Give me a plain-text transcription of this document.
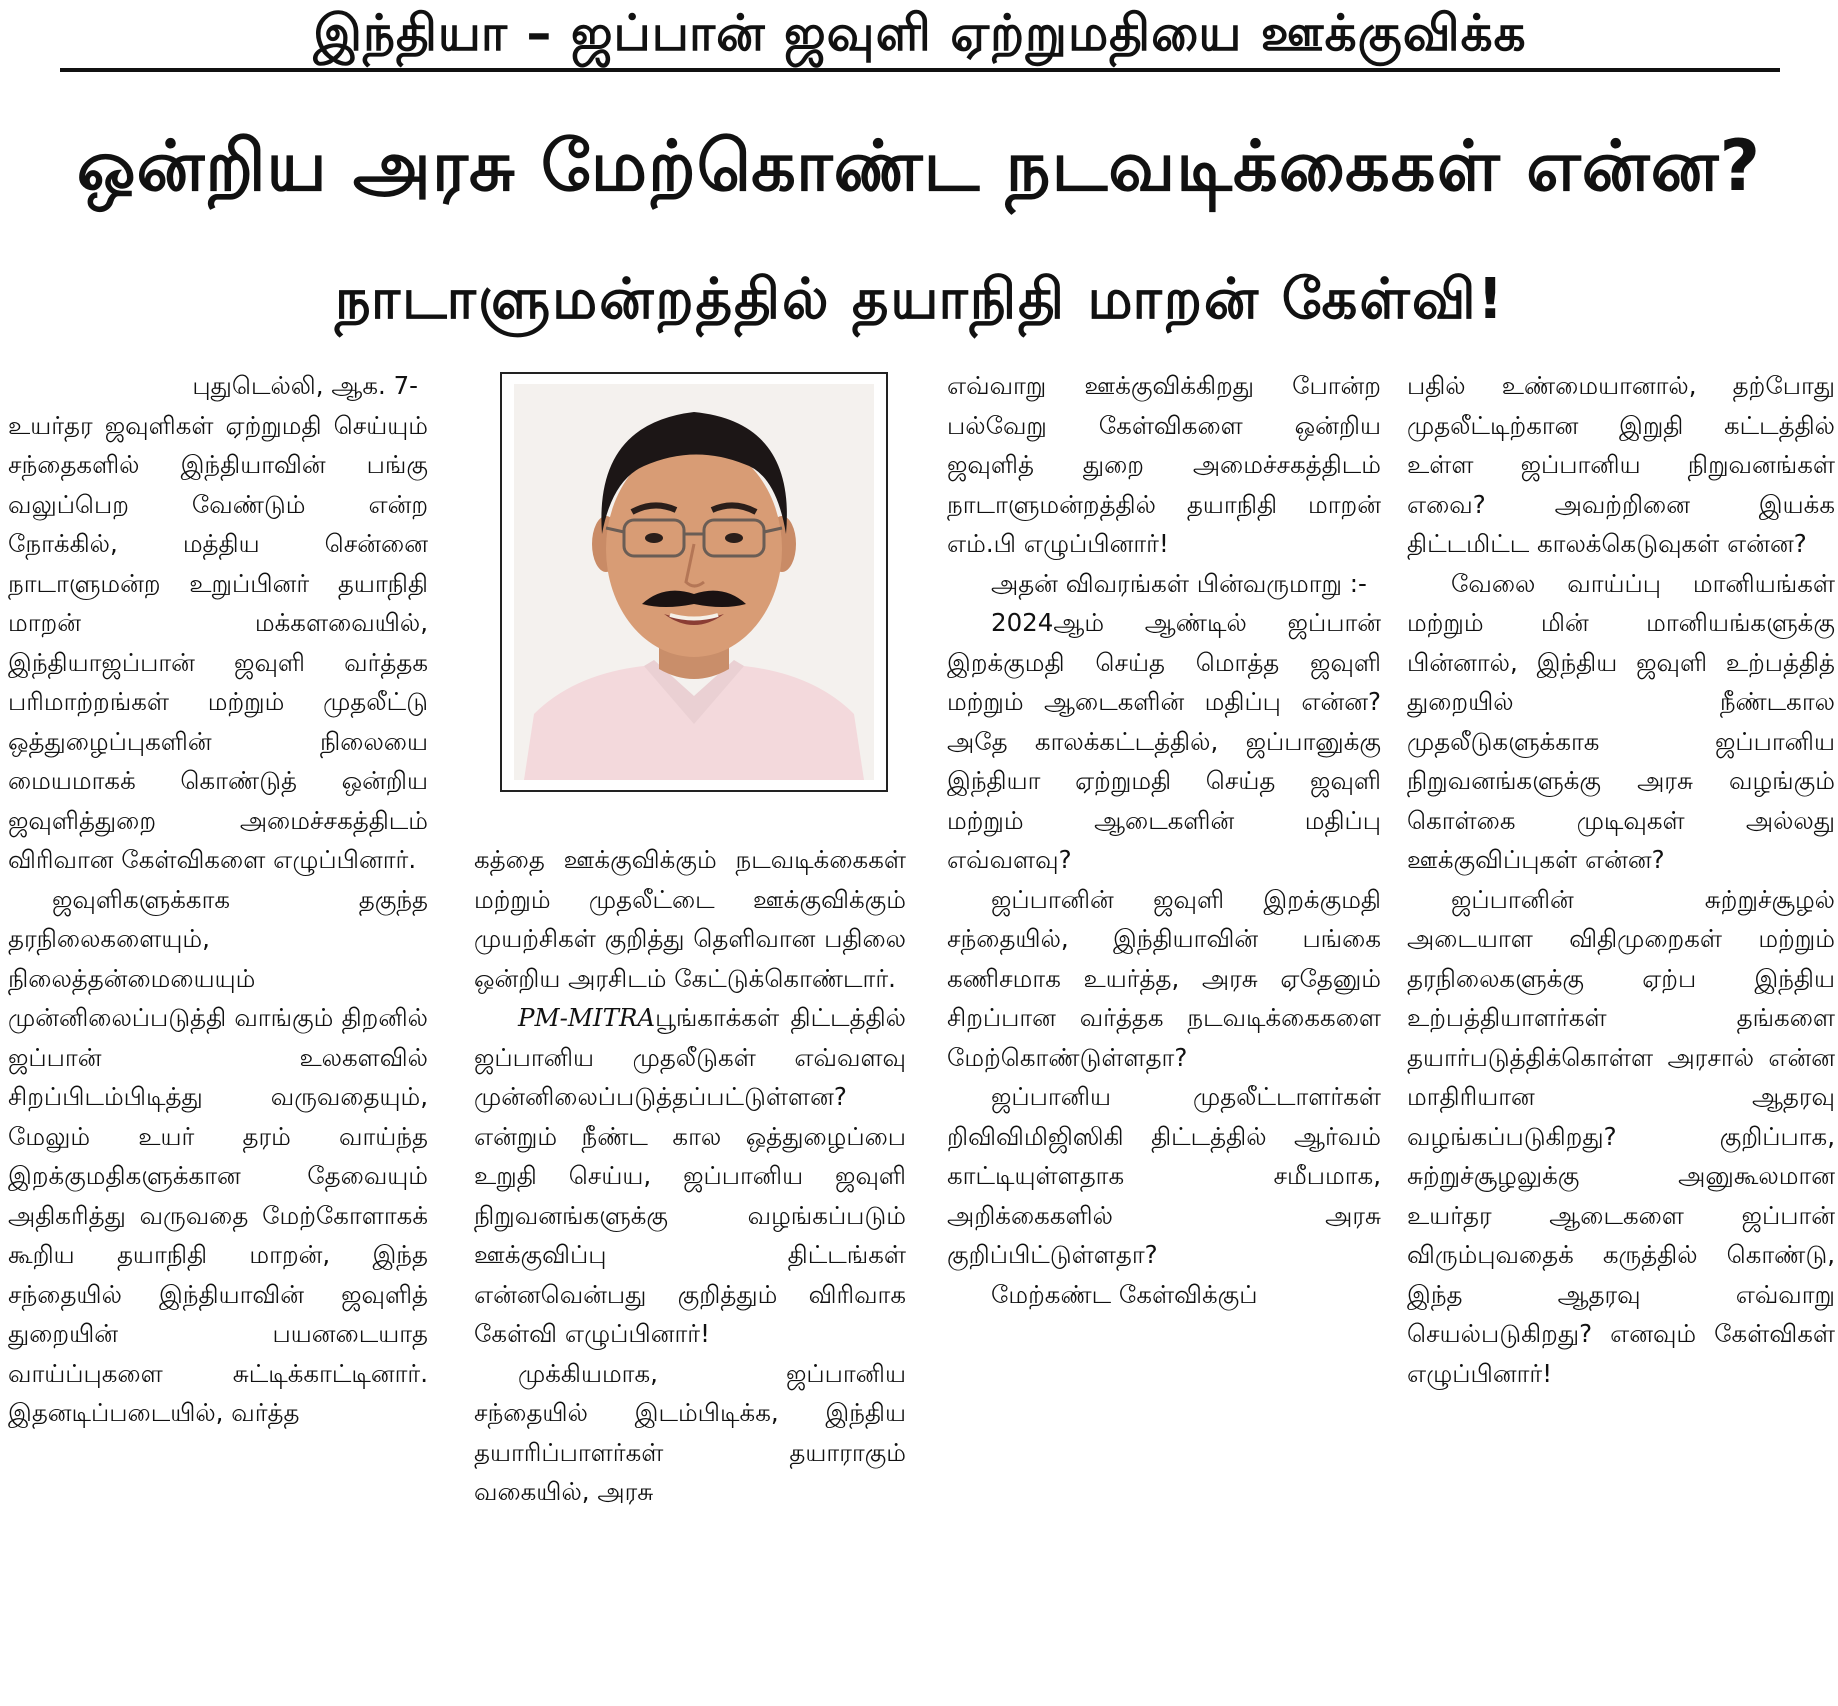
இந்தியா – ஜப்பான் ஜவுளி ஏற்றுமதியை ஊக்குவிக்க
ஒன்றிய அரசு மேற்கொண்ட நடவடிக்கைகள் என்ன?
நாடாளுமன்றத்தில் தயாநிதி மாறன் கேள்வி!
புதுடெல்லி, ஆக. 7-

உயர்தர ஜவுளிகள் ஏற்றுமதி செய்யும் சந்தைகளில் இந்தியாவின் பங்கு வலுப்பெற வேண்டும் என்ற நோக்கில், மத்திய சென்னை நாடாளுமன்ற உறுப்பினர் தயாநிதி மாறன் மக்களவையில், இந்தியாஜப்பான் ஜவுளி வர்த்தக பரிமாற்றங்கள் மற்றும் முதலீட்டு ஒத்துழைப்புகளின் நிலையை மையமாகக் கொண்டுத் ஒன்றிய ஜவுளித்துறை அமைச்சகத்திடம் விரிவான கேள்விகளை எழுப்பினார்.

ஜவுளிகளுக்காக தகுந்த தரநிலைகளையும், நிலைத்தன்மையையும் முன்னிலைப்படுத்தி வாங்கும் திறனில் ஜப்பான் உலகளவில் சிறப்பிடம்பிடித்து வருவதையும், மேலும் உயர் தரம் வாய்ந்த இறக்குமதிகளுக்கான தேவையும் அதிகரித்து வருவதை மேற்கோளாகக் கூறிய தயாநிதி மாறன், இந்த சந்தையில் இந்தியாவின் ஜவுளித் துறையின் பயனடையாத வாய்ப்புகளை சுட்டிக்காட்டினார். இதனடிப்படையில், வர்த்த

கத்தை ஊக்குவிக்கும் நடவடிக்கைகள் மற்றும் முதலீட்டை ஊக்குவிக்கும் முயற்சிகள் குறித்து தெளிவான பதிலை ஒன்றிய அரசிடம் கேட்டுக்கொண்டார்.

PM-MITRAபூங்காக்கள் திட்டத்தில் ஜப்பானிய முதலீடுகள் எவ்வளவு முன்னிலைப்படுத்தப்பட்டுள்ளன? என்றும் நீண்ட கால ஒத்துழைப்பை உறுதி செய்ய, ஜப்பானிய ஜவுளி நிறுவனங்களுக்கு வழங்கப்படும் ஊக்குவிப்பு திட்டங்கள் என்னவென்பது குறித்தும் விரிவாக கேள்வி எழுப்பினார்!

முக்கியமாக, ஜப்பானிய சந்தையில் இடம்பிடிக்க, இந்திய தயாரிப்பாளர்கள் தயாராகும் வகையில், அரசு

எவ்வாறு ஊக்குவிக்கிறது போன்ற பல்வேறு கேள்விகளை ஒன்றிய ஜவுளித் துறை அமைச்சகத்திடம் நாடாளுமன்றத்தில் தயாநிதி மாறன் எம்.பி எழுப்பினார்!

அதன் விவரங்கள் பின்வருமாறு :-

2024ஆம் ஆண்டில் ஜப்பான் இறக்குமதி செய்த மொத்த ஜவுளி மற்றும் ஆடைகளின் மதிப்பு என்ன? அதே காலக்கட்டத்தில், ஜப்பானுக்கு இந்தியா ஏற்றுமதி செய்த ஜவுளி மற்றும் ஆடைகளின் மதிப்பு எவ்வளவு?

ஜப்பானின் ஜவுளி இறக்குமதி சந்தையில், இந்தியாவின் பங்கை கணிசமாக உயர்த்த, அரசு ஏதேனும் சிறப்பான வர்த்தக நடவடிக்கைகளை மேற்கொண்டுள்ளதா?

ஜப்பானிய முதலீட்டாளர்கள் றிவிவிமிஜிஸிகி திட்டத்தில் ஆர்வம் காட்டியுள்ளதாக சமீபமாக, அறிக்கைகளில் அரசு குறிப்பிட்டுள்ளதா?

மேற்கண்ட கேள்விக்குப்

பதில் உண்மையானால், தற்போது முதலீட்டிற்கான இறுதி கட்டத்தில் உள்ள ஜப்பானிய நிறுவனங்கள் எவை? அவற்றினை இயக்க திட்டமிட்ட காலக்கெடுவுகள் என்ன?

வேலை வாய்ப்பு மானியங்கள் மற்றும் மின் மானியங்களுக்கு பின்னால், இந்திய ஜவுளி உற்பத்தித் துறையில் நீண்டகால முதலீடுகளுக்காக ஜப்பானிய நிறுவனங்களுக்கு அரசு வழங்கும் கொள்கை முடிவுகள் அல்லது ஊக்குவிப்புகள் என்ன?

ஜப்பானின் சுற்றுச்சூழல் அடையாள விதிமுறைகள் மற்றும் தரநிலைகளுக்கு ஏற்ப இந்திய உற்பத்தியாளர்கள் தங்களை தயார்படுத்திக்கொள்ள அரசால் என்ன மாதிரியான ஆதரவு வழங்கப்படுகிறது? குறிப்பாக, சுற்றுச்சூழலுக்கு அனுகூலமான உயர்தர ஆடைகளை ஜப்பான் விரும்புவதைக் கருத்தில் கொண்டு, இந்த ஆதரவு எவ்வாறு செயல்படுகிறது? எனவும் கேள்விகள் எழுப்பினார்!
